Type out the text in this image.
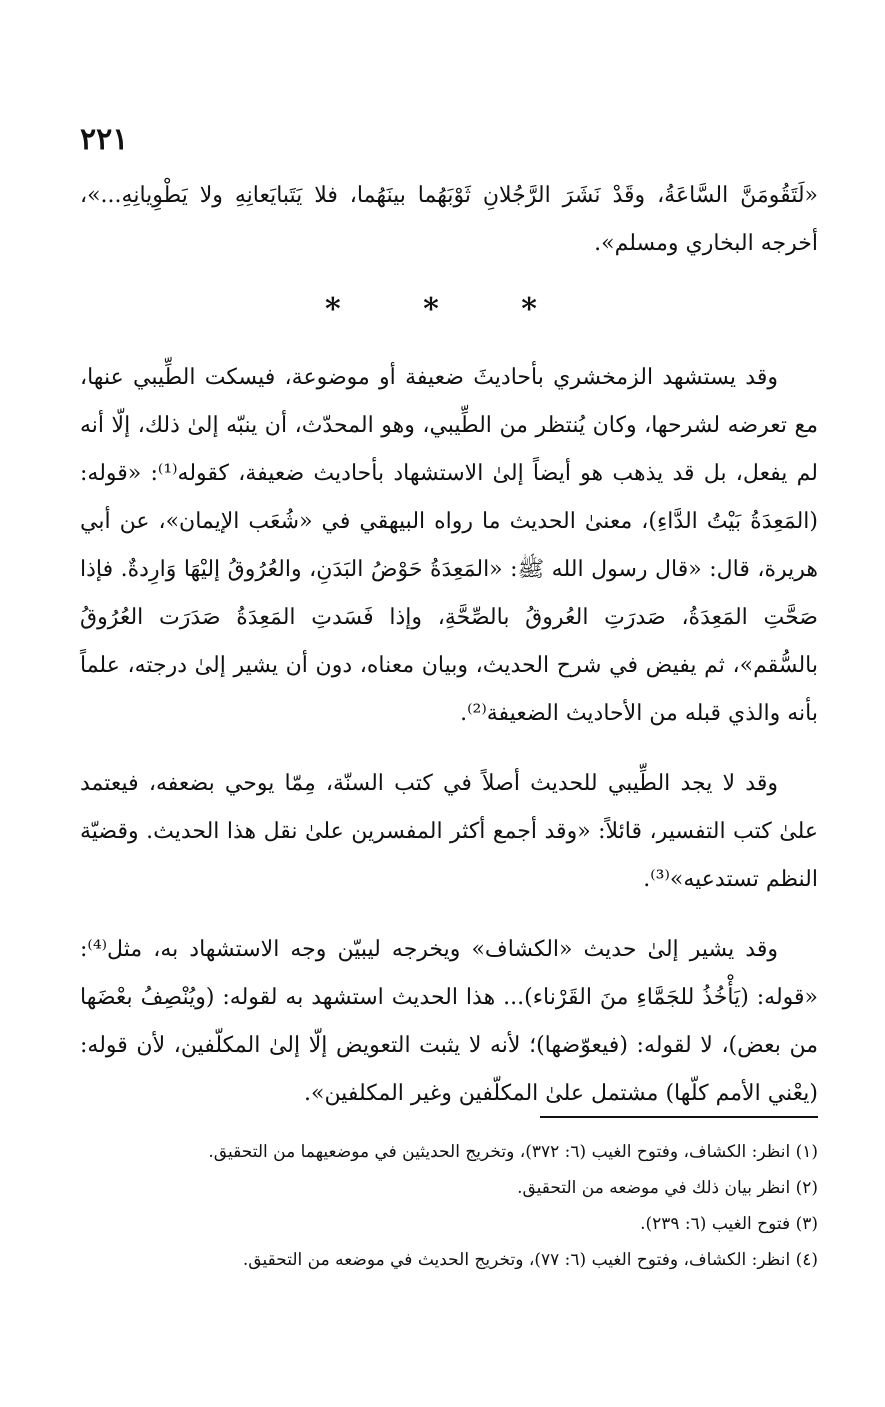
٢٢١

«لَتَقُومَنَّ السَّاعَةُ، وقَدْ نَشَرَ الرَّجُلانِ ثَوْبَهُما بينَهُما، فلا يَتَبايَعانِهِ ولا يَطْوِيانِهِ...»، أخرجه البخاري ومسلم».

* * *

وقد يستشهد الزمخشري بأحاديثَ ضعيفة أو موضوعة، فيسكت الطِّيبي عنها، مع تعرضه لشرحها، وكان يُنتظر من الطِّيبي، وهو المحدّث، أن ينبّه إلىٰ ذلك، إلّا أنه لم يفعل، بل قد يذهب هو أيضاً إلىٰ الاستشهاد بأحاديث ضعيفة، كقوله⁽¹⁾: «قوله: (المَعِدَةُ بَيْتُ الدَّاءِ)، معنىٰ الحديث ما رواه البيهقي في «شُعَب الإيمان»، عن أبي هريرة، قال: «قال رسول الله ﷺ: «المَعِدَةُ حَوْضُ البَدَنِ، والعُرُوقُ إليْهَا وَارِدةٌ. فإذا صَحَّتِ المَعِدَةُ، صَدرَتِ العُروقُ بالصِّحَّةِ، وإذا فَسَدتِ المَعِدَةُ صَدَرَت العُرُوقُ بالسُّقم»، ثم يفيض في شرح الحديث، وبيان معناه، دون أن يشير إلىٰ درجته، علماً بأنه والذي قبله من الأحاديث الضعيفة⁽²⁾.

وقد لا يجد الطِّيبي للحديث أصلاً في كتب السنّة، مِمّا يوحي بضعفه، فيعتمد علىٰ كتب التفسير، قائلاً: «وقد أجمع أكثر المفسرين علىٰ نقل هذا الحديث. وقضيّة النظم تستدعيه»⁽³⁾.

وقد يشير إلىٰ حديث «الكشاف» ويخرجه ليبيّن وجه الاستشهاد به، مثل⁽⁴⁾: «قوله: (يَأْخُذُ للجَمَّاءِ منَ القَرْناء)... هذا الحديث استشهد به لقوله: (ويُنْصِفُ بعْضَها من بعض)، لا لقوله: (فيعوّضها)؛ لأنه لا يثبت التعويض إلّا إلىٰ المكلّفين، لأن قوله: (يعْني الأمم كلّها) مشتمل علىٰ المكلّفين وغير المكلفين».

(١) انظر: الكشاف، وفتوح الغيب (٦: ٣٧٢)، وتخريج الحديثين في موضعيهما من التحقيق.

(٢) انظر بيان ذلك في موضعه من التحقيق.

(٣) فتوح الغيب (٦: ٢٣٩).

(٤) انظر: الكشاف، وفتوح الغيب (٦: ٧٧)، وتخريج الحديث في موضعه من التحقيق.
